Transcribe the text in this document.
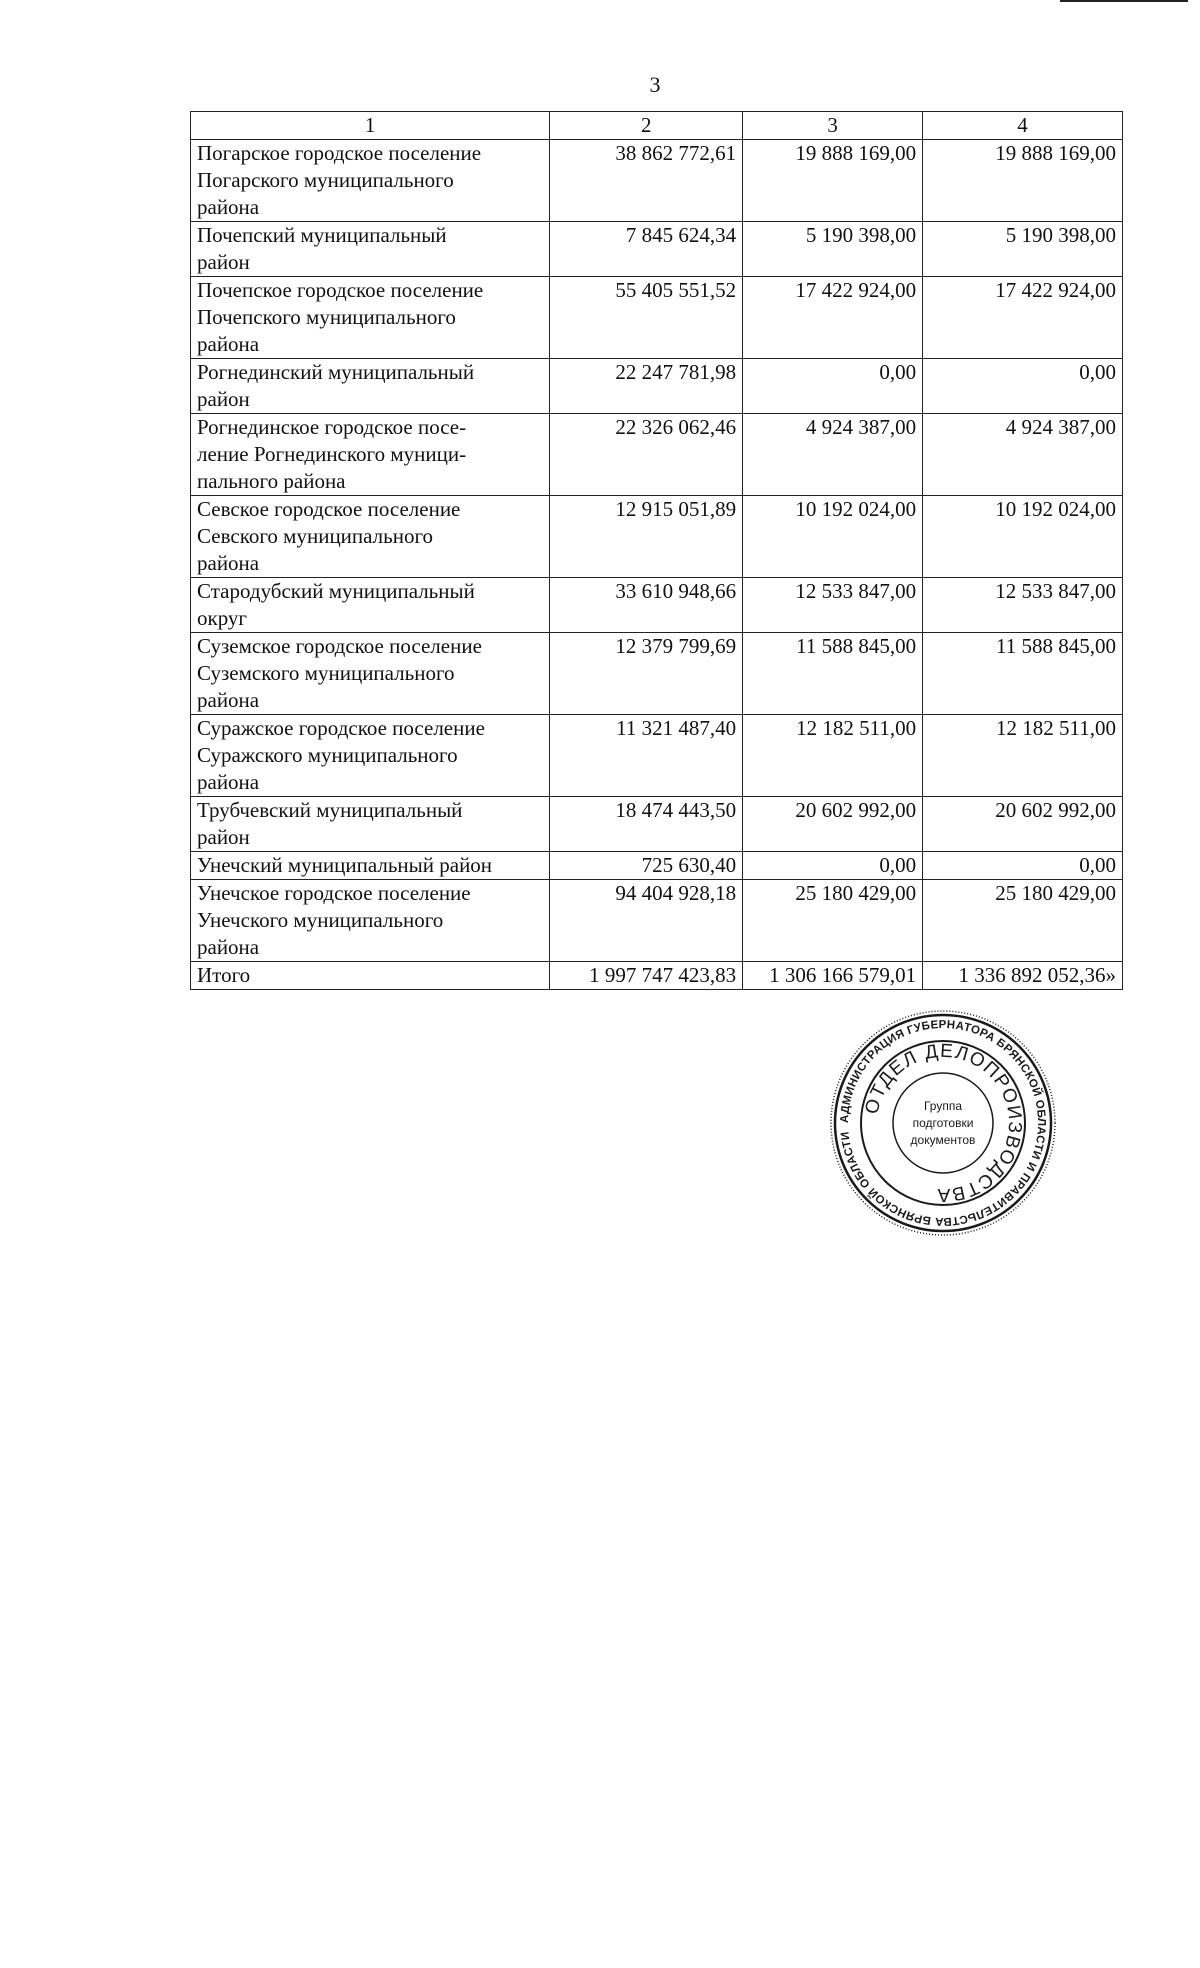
3
1	2	3	4
Погарское городское поселение
Погарского муниципального
района	38 862 772,61	19 888 169,00	19 888 169,00
Почепский муниципальный
район	7 845 624,34	5 190 398,00	5 190 398,00
Почепское городское поселение
Почепского муниципального
района	55 405 551,52	17 422 924,00	17 422 924,00
Рогнединский муниципальный
район	22 247 781,98	0,00	0,00
Рогнединское городское посе-
ление Рогнединского муници-
пального района	22 326 062,46	4 924 387,00	4 924 387,00
Севское городское поселение
Севского муниципального
района	12 915 051,89	10 192 024,00	10 192 024,00
Стародубский муниципальный
округ	33 610 948,66	12 533 847,00	12 533 847,00
Суземское городское поселение
Суземского муниципального
района	12 379 799,69	11 588 845,00	11 588 845,00
Суражское городское поселение
Суражского муниципального
района	11 321 487,40	12 182 511,00	12 182 511,00
Трубчевский муниципальный
район	18 474 443,50	20 602 992,00	20 602 992,00
Унечский муниципальный район	725 630,40	0,00	0,00
Унечское городское поселение
Унечского муниципального
района	94 404 928,18	25 180 429,00	25 180 429,00
Итого	1 997 747 423,83	1 306 166 579,01	1 336 892 052,36»
АДМИНИСТРАЦИЯ ГУБЕРНАТОРА БРЯНСКОЙ ОБЛАСТИ И ПРАВИТЕЛЬСТВА БРЯНСКОЙ ОБЛАСТИ
ОТДЕЛ ДЕЛОПРОИЗВОДСТВА
Группа
подготовки
документов
